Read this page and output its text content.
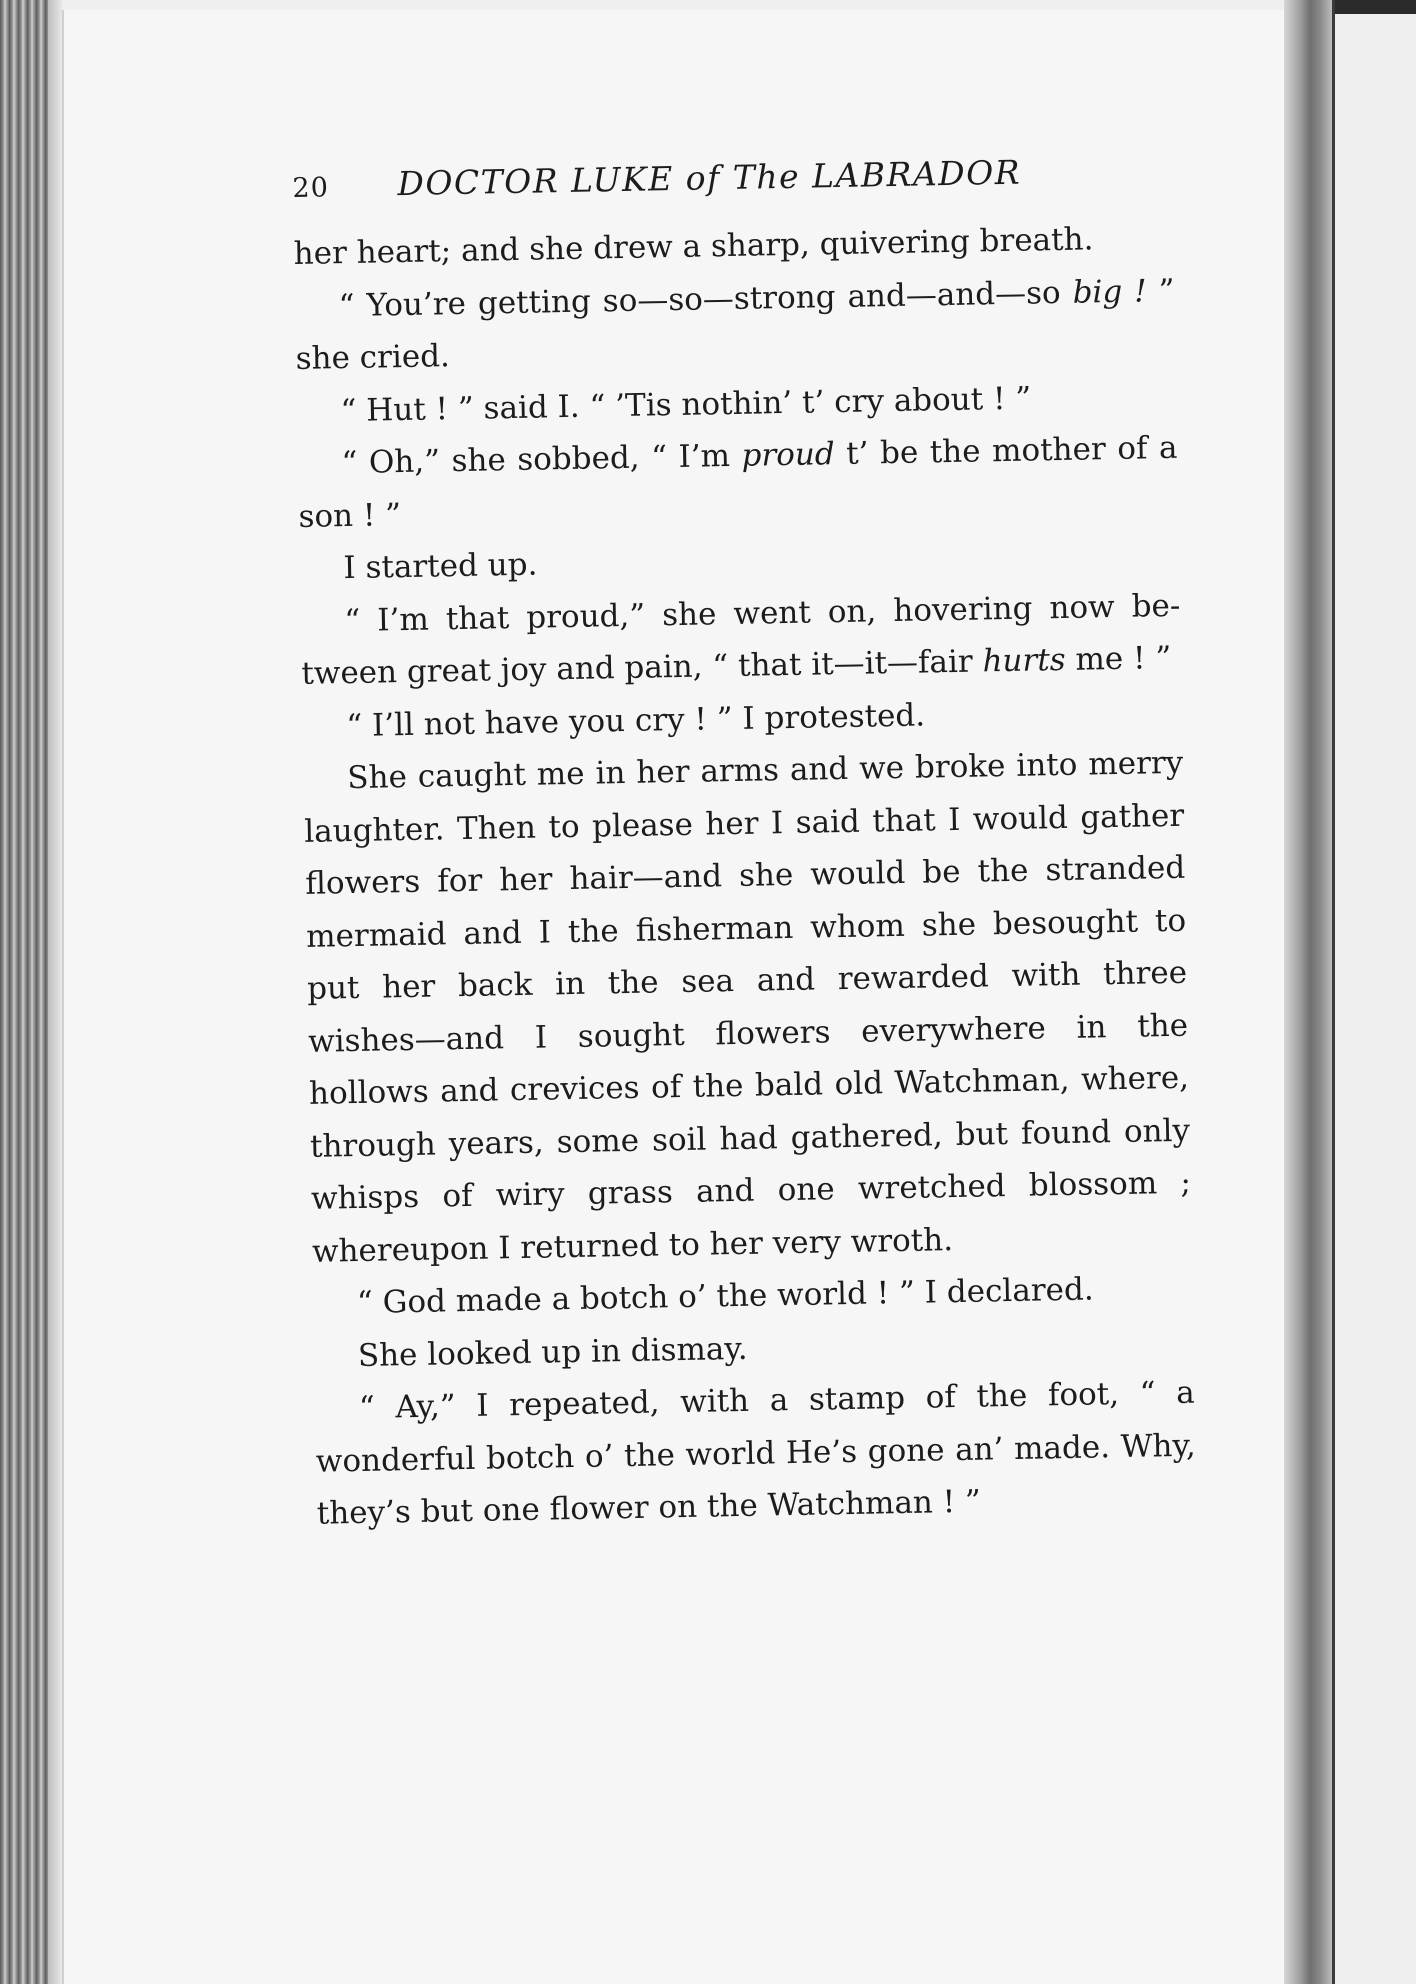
20	DOCTOR LUKE of The LABRADOR

her heart; and she drew a sharp, quivering breath.

“ You’re getting so—so—strong and—and—so big ! ” she cried.

“ Hut ! ” said I. “ ’Tis nothin’ t’ cry about ! ”

“ Oh,” she sobbed, “ I’m proud t’ be the mother of a son ! ”

I started up.

“ I’m that proud,” she went on, hovering now between great joy and pain, “ that it—it—fair hurts me ! ”

“ I’ll not have you cry ! ” I protested.

She caught me in her arms and we broke into merry laughter. Then to please her I said that I would gather flowers for her hair—and she would be the stranded mermaid and I the fisherman whom she besought to put her back in the sea and rewarded with three wishes—and I sought flowers everywhere in the hollows and crevices of the bald old Watchman, where, through years, some soil had gathered, but found only whisps of wiry grass and one wretched blossom ; whereupon I returned to her very wroth.

“ God made a botch o’ the world ! ” I declared.

She looked up in dismay.

“ Ay,” I repeated, with a stamp of the foot, “ a wonderful botch o’ the world He’s gone an’ made. Why, they’s but one flower on the Watchman ! ”
